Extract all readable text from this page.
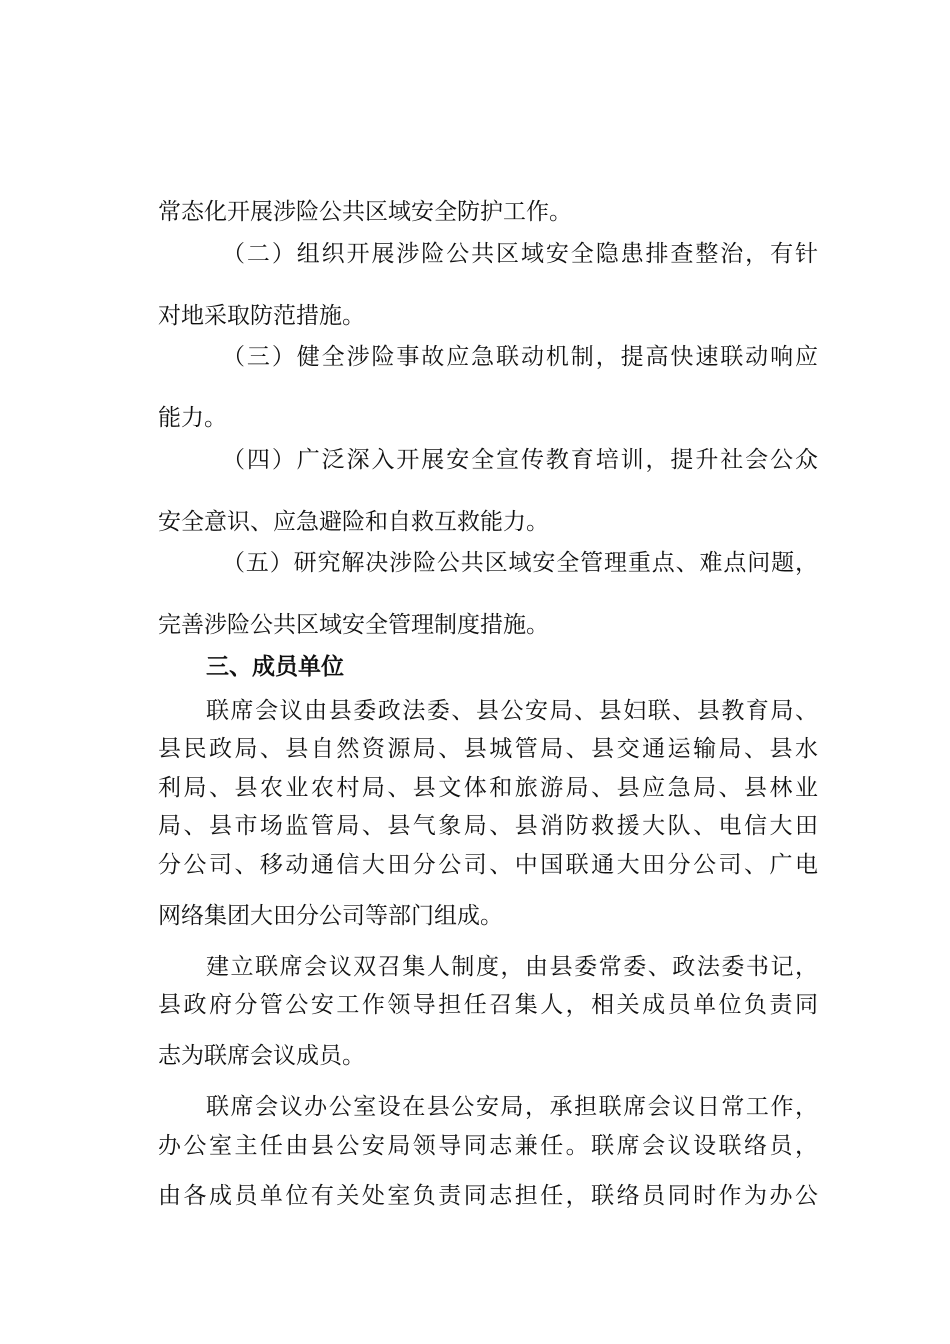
常态化开展涉险公共区域安全防护工作。
（二）组织开展涉险公共区域安全隐患排查整治，有针
对地采取防范措施。
（三）健全涉险事故应急联动机制，提高快速联动响应
能力。
（四）广泛深入开展安全宣传教育培训，提升社会公众
安全意识、应急避险和自救互救能力。
（五）研究解决涉险公共区域安全管理重点、难点问题，
完善涉险公共区域安全管理制度措施。
三、成员单位
联席会议由县委政法委、县公安局、县妇联、县教育局、
县民政局、县自然资源局、县城管局、县交通运输局、县水
利局、县农业农村局、县文体和旅游局、县应急局、县林业
局、县市场监管局、县气象局、县消防救援大队、电信大田
分公司、移动通信大田分公司、中国联通大田分公司、广电
网络集团大田分公司等部门组成。
建立联席会议双召集人制度，由县委常委、政法委书记，
县政府分管公安工作领导担任召集人，相关成员单位负责同
志为联席会议成员。
联席会议办公室设在县公安局，承担联席会议日常工作，
办公室主任由县公安局领导同志兼任。联席会议设联络员，
由各成员单位有关处室负责同志担任，联络员同时作为办公
